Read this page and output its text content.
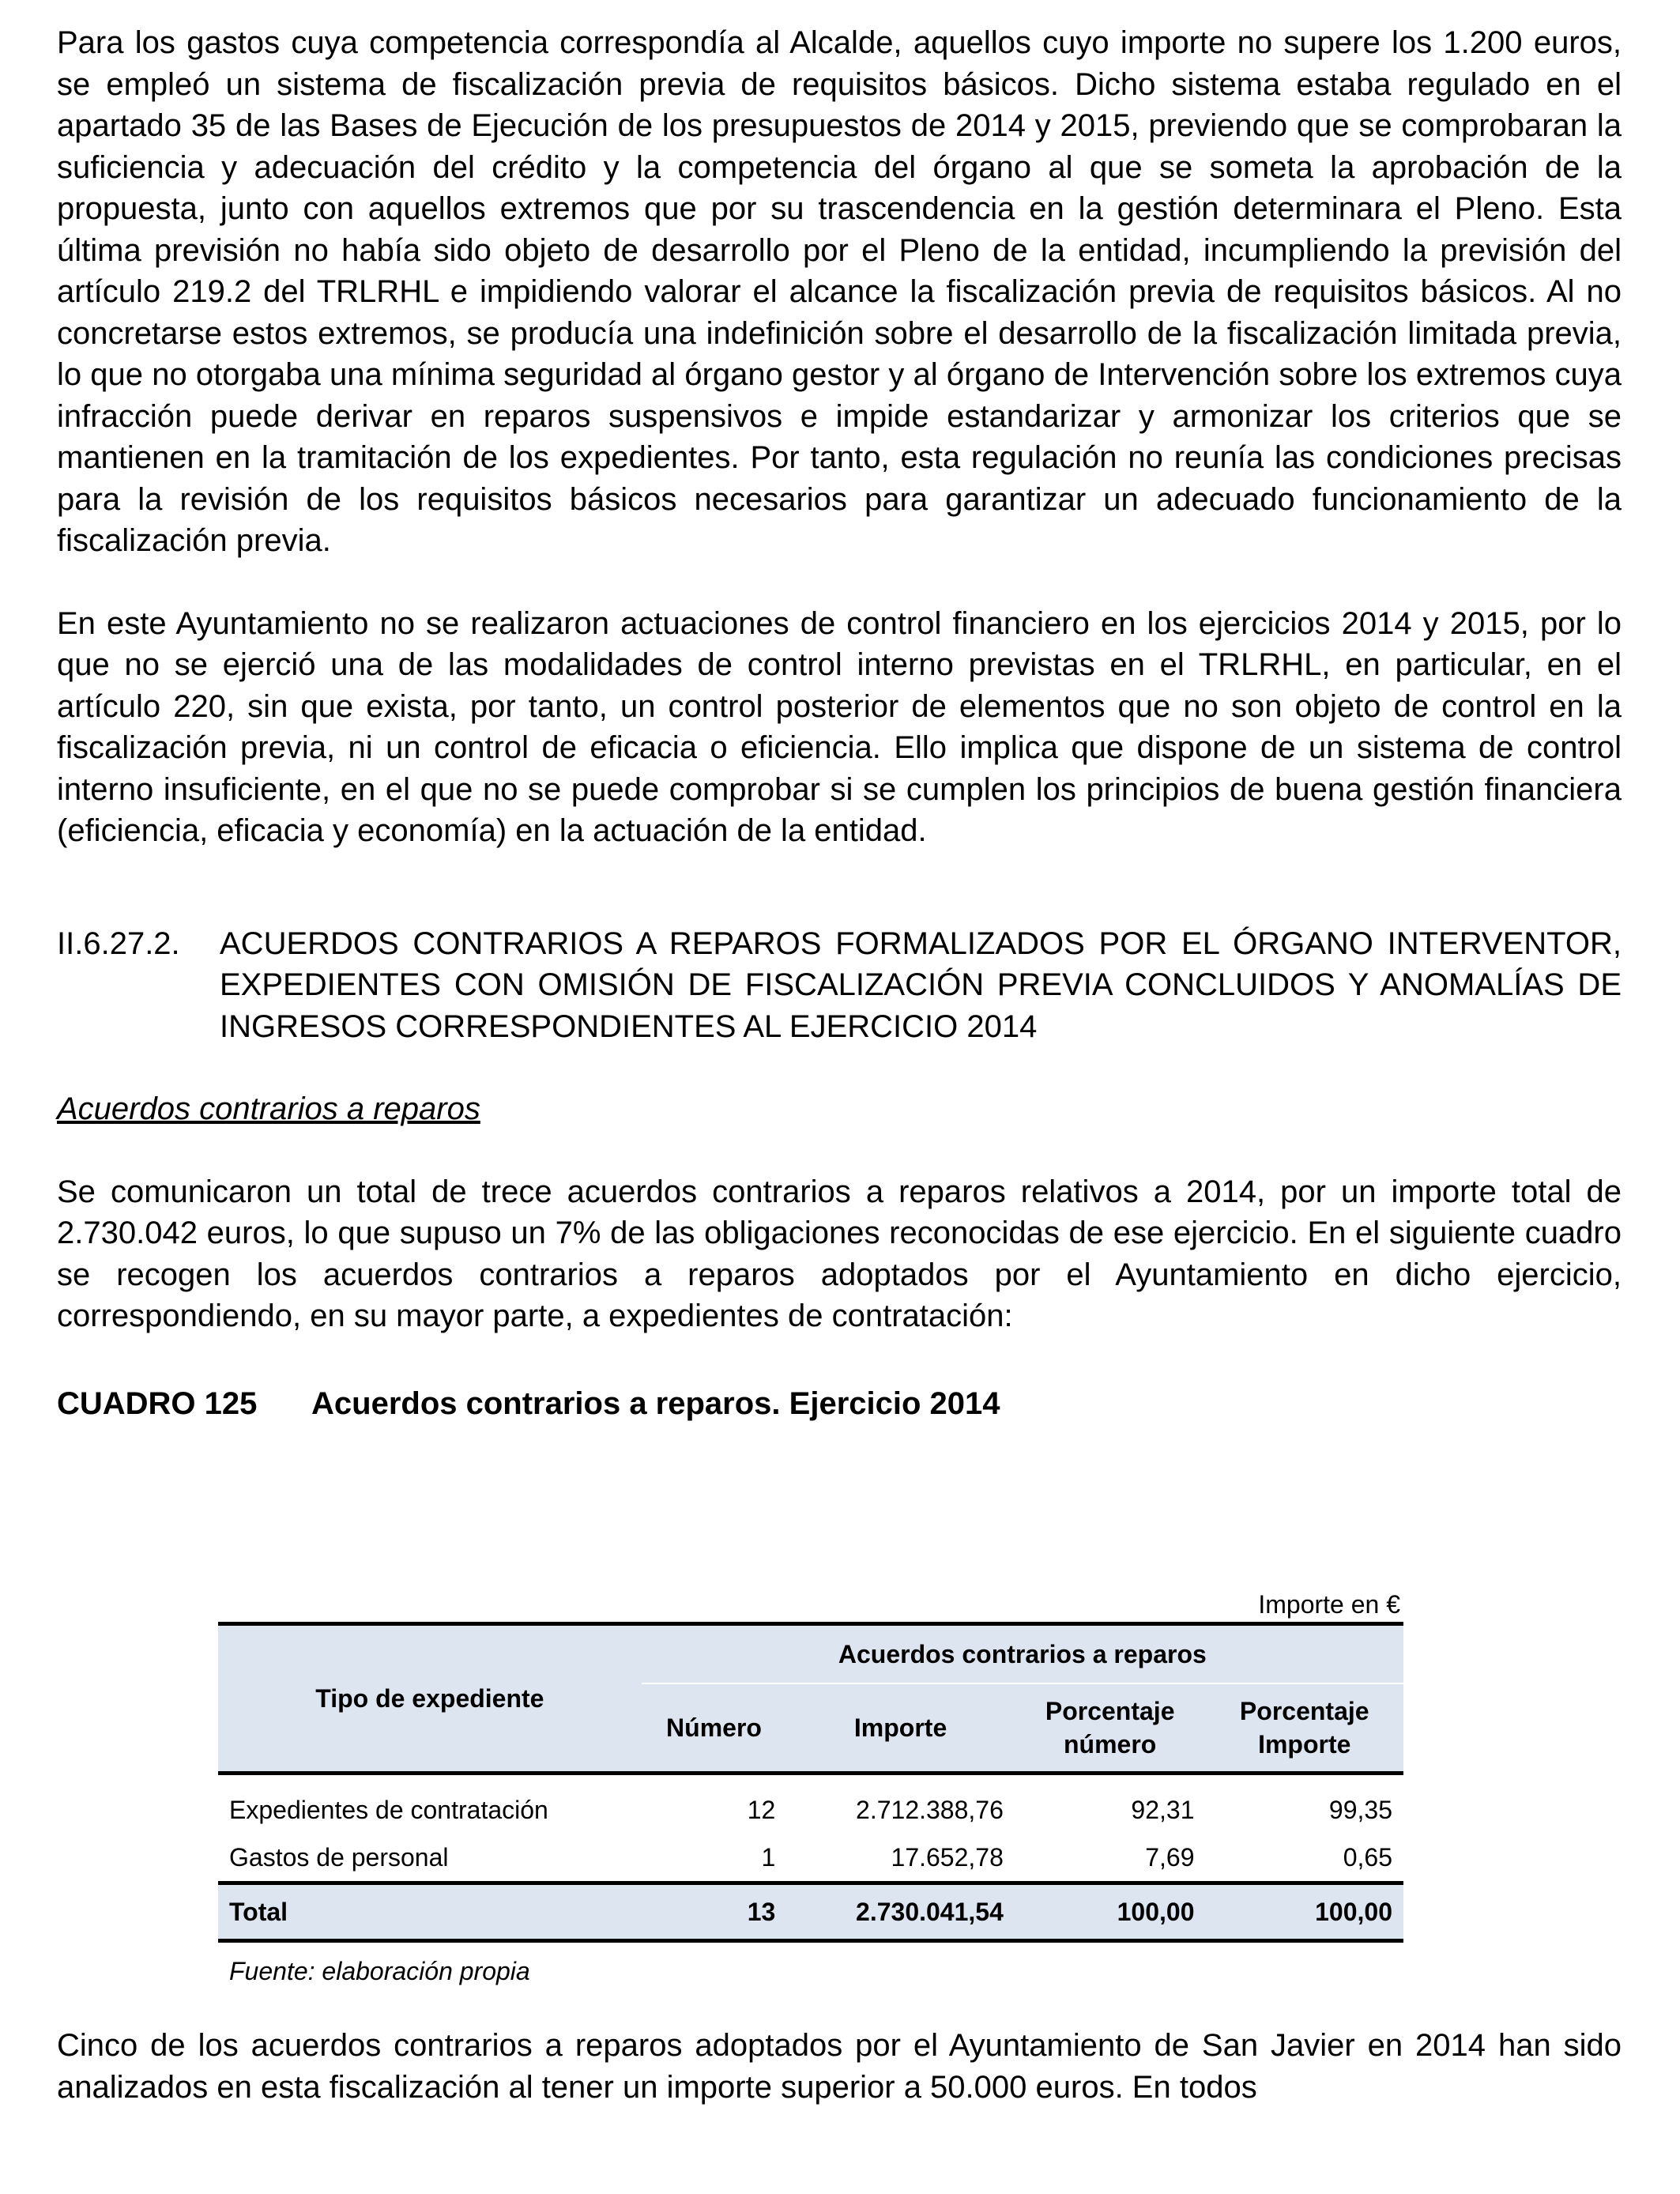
Para los gastos cuya competencia correspondía al Alcalde, aquellos cuyo importe no supere los 1.200 euros, se empleó un sistema de fiscalización previa de requisitos básicos. Dicho sistema estaba regulado en el apartado 35 de las Bases de Ejecución de los presupuestos de 2014 y 2015, previendo que se comprobaran la suficiencia y adecuación del crédito y la competencia del órgano al que se someta la aprobación de la propuesta, junto con aquellos extremos que por su trascendencia en la gestión determinara el Pleno. Esta última previsión no había sido objeto de desarrollo por el Pleno de la entidad, incumpliendo la previsión del artículo 219.2 del TRLRHL e impidiendo valorar el alcance la fiscalización previa de requisitos básicos. Al no concretarse estos extremos, se producía una indefinición sobre el desarrollo de la fiscalización limitada previa, lo que no otorgaba una mínima seguridad al órgano gestor y al órgano de Intervención sobre los extremos cuya infracción puede derivar en reparos suspensivos e impide estandarizar y armonizar los criterios que se mantienen en la tramitación de los expedientes. Por tanto, esta regulación no reunía las condiciones precisas para la revisión de los requisitos básicos necesarios para garantizar un adecuado funcionamiento de la fiscalización previa.

En este Ayuntamiento no se realizaron actuaciones de control financiero en los ejercicios 2014 y 2015, por lo que no se ejerció una de las modalidades de control interno previstas en el TRLRHL, en particular, en el artículo 220, sin que exista, por tanto, un control posterior de elementos que no son objeto de control en la fiscalización previa, ni un control de eficacia o eficiencia. Ello implica que dispone de un sistema de control interno insuficiente, en el que no se puede comprobar si se cumplen los principios de buena gestión financiera (eficiencia, eficacia y economía) en la actuación de la entidad.

II.6.27.2.	ACUERDOS CONTRARIOS A REPAROS FORMALIZADOS POR EL ÓRGANO INTERVENTOR, EXPEDIENTES CON OMISIÓN DE FISCALIZACIÓN PREVIA CONCLUIDOS Y ANOMALÍAS DE INGRESOS CORRESPONDIENTES AL EJERCICIO 2014
Acuerdos contrarios a reparos

Se comunicaron un total de trece acuerdos contrarios a reparos relativos a 2014, por un importe total de 2.730.042 euros, lo que supuso un 7% de las obligaciones reconocidas de ese ejercicio. En el siguiente cuadro se recogen los acuerdos contrarios a reparos adoptados por el Ayuntamiento en dicho ejercicio, correspondiendo, en su mayor parte, a expedientes de contratación:

CUADRO 125	Acuerdos contrarios a reparos. Ejercicio 2014
Importe en €
Tipo de expediente	Acuerdos contrarios a reparos			
	Número	Importe	Porcentaje número	Porcentaje Importe
Expedientes de contratación	12	2.712.388,76	92,31	99,35
Gastos de personal	1	17.652,78	7,69	0,65
Total	13	2.730.041,54	100,00	100,00
Fuente: elaboración propia

Cinco de los acuerdos contrarios a reparos adoptados por el Ayuntamiento de San Javier en 2014 han sido analizados en esta fiscalización al tener un importe superior a 50.000 euros. En todos
